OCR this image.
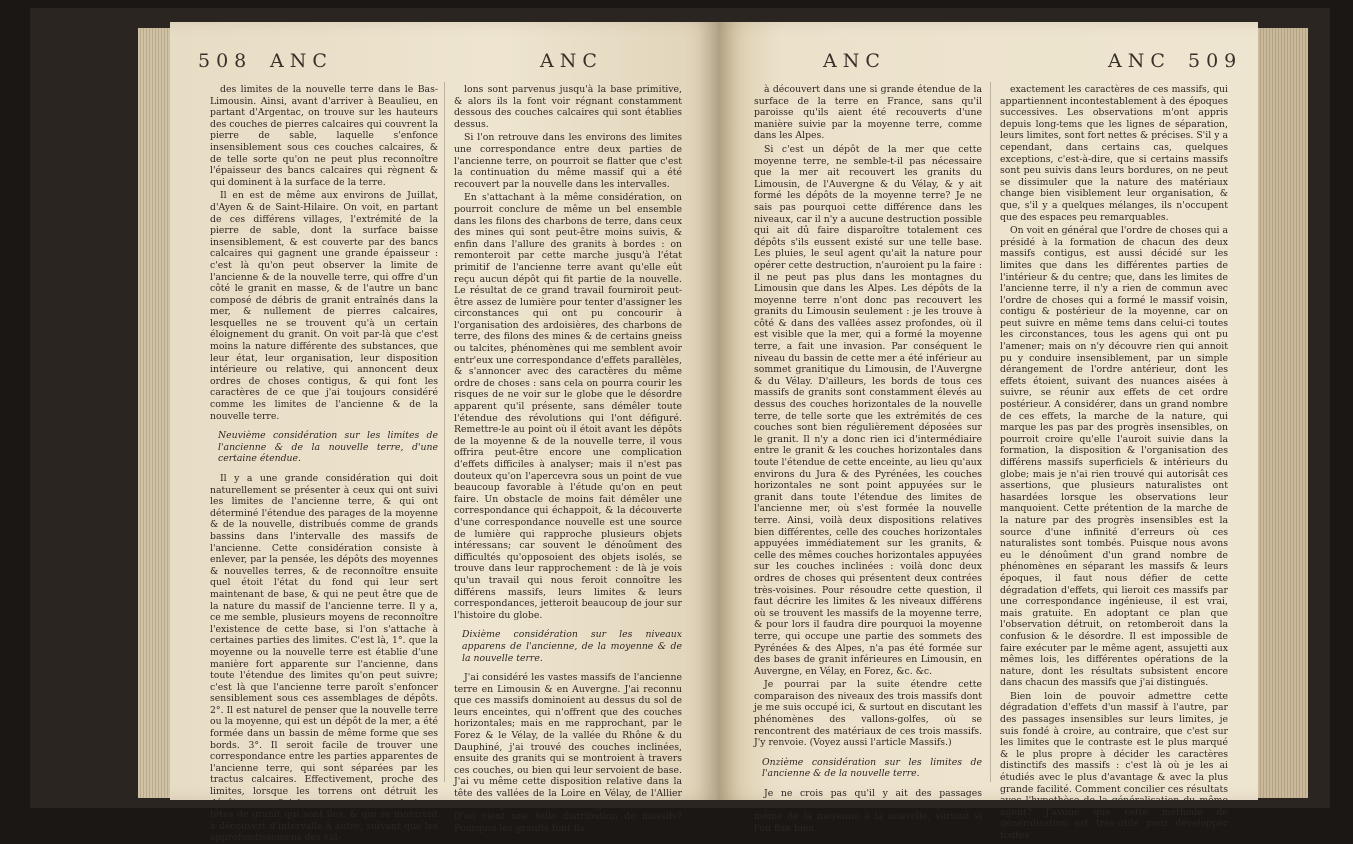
508 ANC	ANC

des limites de la nouvelle terre dans le Bas-Limousin. Ainsi, avant d'arriver à Beaulieu, en partant d'Argentac, on trouve sur les hauteurs des couches de pierres calcaires qui couvrent la pierre de sable, laquelle s'enfonce insensiblement sous ces couches calcaires, & de telle sorte qu'on ne peut plus reconnoître l'épaisseur des bancs calcaires qui règnent & qui dominent à la surface de la terre.

Il en est de même aux environs de Juillat, d'Ayen & de Saint-Hilaire. On voit, en partant de ces différens villages, l'extrémité de la pierre de sable, dont la surface baisse insensiblement, & est couverte par des bancs calcaires qui gagnent une grande épaisseur : c'est là qu'on peut observer la limite de l'ancienne & de la nouvelle terre, qui offre d'un côté le granit en masse, & de l'autre un banc composé de débris de granit entraînés dans la mer, & nullement de pierres calcaires, lesquelles ne se trouvent qu'à un certain éloignement du granit. On voit par-là que c'est moins la nature différente des substances, que leur état, leur organisation, leur disposition intérieure ou relative, qui annoncent deux ordres de choses contigus, & qui font les caractères de ce que j'ai toujours considéré comme les limites de l'ancienne & de la nouvelle terre.

Neuvième considération sur les limites de l'ancienne & de la nouvelle terre, d'une certaine étendue.

Il y a une grande considération qui doit naturellement se présenter à ceux qui ont suivi les limites de l'ancienne terre, & qui ont déterminé l'étendue des parages de la moyenne & de la nouvelle, distribués comme de grands bassins dans l'intervalle des massifs de l'ancienne. Cette considération consiste à enlever, par la pensée, les dépôts des moyennes & nouvelles terres, & de reconnoître ensuite quel étoit l'état du fond qui leur sert maintenant de base, & qui ne peut être que de la nature du massif de l'ancienne terre. Il y a, ce me semble, plusieurs moyens de reconnoître l'existence de cette base, si l'on s'attache à certaines parties des limites. C'est là, 1°. que la moyenne ou la nouvelle terre est établie d'une manière fort apparente sur l'ancienne, dans toute l'étendue des limites qu'on peut suivre; c'est là que l'ancienne terre paroît s'enfoncer sensiblement sous ces assemblages de dépôts. 2°. Il est naturel de penser que la nouvelle terre ou la moyenne, qui est un dépôt de la mer, a été formée dans un bassin de même forme que ses bords. 3°. Il seroit facile de trouver une correspondance entre les parties apparentes de l'ancienne terre, qui sont séparées par les tractus calcaires. Effectivement, proche des limites, lorsque les torrens ont détruit les dépôts superficiels, on rencontre plusieurs têtes de granit qui sont îles, & qui se montrent à découvert d'intervalle à autre, suivant que les approfondissemens des val-

lons sont parvenus jusqu'à la base primitive, & alors ils la font voir régnant constamment dessous des couches calcaires qui sont établies dessus.

Si l'on retrouve dans les environs des limites une correspondance entre deux parties de l'ancienne terre, on pourroit se flatter que c'est la continuation du même massif qui a été recouvert par la nouvelle dans les intervalles.

En s'attachant à la même considération, on pourroit conclure de même un bel ensemble dans les filons des charbons de terre, dans ceux des mines qui sont peut-être moins suivis, & enfin dans l'allure des granits à bordes : on remonteroit par cette marche jusqu'à l'état primitif de l'ancienne terre avant qu'elle eût reçu aucun dépôt qui fit partie de la nouvelle. Le résultat de ce grand travail fourniroit peut-être assez de lumière pour tenter d'assigner les circonstances qui ont pu concourir à l'organisation des ardoisières, des charbons de terre, des filons des mines & de certains gneiss ou talcites, phénomènes qui me semblent avoir entr'eux une correspondance d'effets parallèles, & s'annoncer avec des caractères du même ordre de choses : sans cela on pourra courir les risques de ne voir sur le globe que le désordre apparent qu'il présente, sans démêler toute l'étendue des révolutions qui l'ont défiguré. Remettre-le au point où il étoit avant les dépôts de la moyenne & de la nouvelle terre, il vous offrira peut-être encore une complication d'effets difficiles à analyser; mais il n'est pas douteux qu'on l'apercevra sous un point de vue beaucoup favorable à l'étude qu'on en peut faire. Un obstacle de moins fait démêler une correspondance qui échappoit, & la découverte d'une correspondance nouvelle est une source de lumière qui rapproche plusieurs objets intéressans; car souvent le dénoûment des difficultés qu'opposoient des objets isolés, se trouve dans leur rapprochement : de là je vois qu'un travail qui nous feroit connoître les différens massifs, leurs limites & leurs correspondances, jetteroit beaucoup de jour sur l'histoire du globe.

Dixième considération sur les niveaux apparens de l'ancienne, de la moyenne & de la nouvelle terre.

J'ai considéré les vastes massifs de l'ancienne terre en Limousin & en Auvergne. J'ai reconnu que ces massifs dominoient au dessus du sol de leurs enceintes, qui n'offrent que des couches horizontales; mais en me rapprochant, par le Forez & le Vélay, de la vallée du Rhône & du Dauphiné, j'ai trouvé des couches inclinées, ensuite des granits qui se montroient à travers ces couches, ou bien qui leur servoient de base. J'ai vu même cette disposition relative dans la tête des vallées de la Loire en Vélay, de l'Allier en Auvergne & de la Dordogne en Limousin. D'où vient une telle distribution de massifs? Pourquoi les granits font-ils

ANC	ANC 509

à découvert dans une si grande étendue de la surface de la terre en France, sans qu'il paroisse qu'ils aient été recouverts d'une manière suivie par la moyenne terre, comme dans les Alpes.

Si c'est un dépôt de la mer que cette moyenne terre, ne semble-t-il pas nécessaire que la mer ait recouvert les granits du Limousin, de l'Auvergne & du Vélay, & y ait formé les dépôts de la moyenne terre? Je ne sais pas pourquoi cette différence dans les niveaux, car il n'y a aucune destruction possible qui ait dû faire disparoître totalement ces dépôts s'ils eussent existé sur une telle base. Les pluies, le seul agent qu'ait la nature pour opérer cette destruction, n'auroient pu la faire : il ne peut pas plus dans les montagnes du Limousin que dans les Alpes. Les dépôts de la moyenne terre n'ont donc pas recouvert les granits du Limousin seulement : je les trouve à côté & dans des vallées assez profondes, où il est visible que la mer, qui a formé la moyenne terre, a fait une invasion. Par conséquent le niveau du bassin de cette mer a été inférieur au sommet granitique du Limousin, de l'Auvergne & du Vélay. D'ailleurs, les bords de tous ces massifs de granits sont constamment élevés au dessus des couches horizontales de la nouvelle terre, de telle sorte que les extrémités de ces couches sont bien régulièrement déposées sur le granit. Il n'y a donc rien ici d'intermédiaire entre le granit & les couches horizontales dans toute l'étendue de cette enceinte, au lieu qu'aux environs du Jura & des Pyrénées, les couches horizontales ne sont point appuyées sur le granit dans toute l'étendue des limites de l'ancienne mer, où s'est formée la nouvelle terre. Ainsi, voilà deux dispositions relatives bien différentes, celle des couches horizontales appuyées immédiatement sur les granits, & celle des mêmes couches horizontales appuyées sur les couches inclinées : voilà donc deux ordres de choses qui présentent deux contrées très-voisines. Pour résoudre cette question, il faut décrire les limites & les niveaux différens où se trouvent les massifs de la moyenne terre, & pour lors il faudra dire pourquoi la moyenne terre, qui occupe une partie des sommets des Pyrénées & des Alpes, n'a pas été formée sur des bases de granit inférieures en Limousin, en Auvergne, en Vélay, en Forez, &c. &c.

Je pourrai par la suite étendre cette comparaison des niveaux des trois massifs dont je me suis occupé ici, & surtout en discutant les phénomènes des vallons-golfes, où se rencontrent des matériaux de ces trois massifs. J'y renvoie. (Voyez aussi l'article Massifs.)

Onzième considération sur les limites de l'ancienne & de la nouvelle terre.

Je ne crois pas qu'il y ait des passages insensibles de l'ancienne terre à la moyenne, ou même de la moyenne à la nouvelle, surtout si l'on fixe bien

exactement les caractères de ces massifs, qui appartiennent incontestablement à des époques successives. Les observations m'ont appris depuis long-tems que les lignes de séparation, leurs limites, sont fort nettes & précises. S'il y a cependant, dans certains cas, quelques exceptions, c'est-à-dire, que si certains massifs sont peu suivis dans leurs bordures, on ne peut se dissimuler que la nature des matériaux change bien visiblement leur organisation, & que, s'il y a quelques mélanges, ils n'occupent que des espaces peu remarquables.

On voit en général que l'ordre de choses qui a présidé à la formation de chacun des deux massifs contigus, est aussi décidé sur les limites que dans les différentes parties de l'intérieur & du centre; que, dans les limites de l'ancienne terre, il n'y a rien de commun avec l'ordre de choses qui a formé le massif voisin, contigu & postérieur de la moyenne, car on peut suivre en même tems dans celui-ci toutes les circonstances, tous les agens qui ont pu l'amener; mais on n'y découvre rien qui annoit pu y conduire insensiblement, par un simple dérangement de l'ordre antérieur, dont les effets étoient, suivant des nuances aisées à suivre, se réunir aux effets de cet ordre postérieur. A considérer, dans un grand nombre de ces effets, la marche de la nature, qui marque les pas par des progrès insensibles, on pourroit croire qu'elle l'auroit suivie dans la formation, la disposition & l'organisation des différens massifs superficiels & intérieurs du globe; mais je n'ai rien trouvé qui autorisât ces assertions, que plusieurs naturalistes ont hasardées lorsque les observations leur manquoient. Cette prétention de la marche de la nature par des progrès insensibles est la source d'une infinité d'erreurs où ces naturalistes sont tombés. Puisque nous avons eu le dénoûment d'un grand nombre de phénomènes en séparant les massifs & leurs époques, il faut nous défier de cette dégradation d'effets, qui lieroit ces massifs par une correspondance ingénieuse, il est vrai, mais gratuite. En adoptant ce plan que l'observation détruit, on retomberoit dans la confusion & le désordre. Il est impossible de faire exécuter par le même agent, assujetti aux mêmes lois, les différentes opérations de la nature, dont les résultats subsistent encore dans chacun des massifs que j'ai distingués.

Bien loin de pouvoir admettre cette dégradation d'effets d'un massif à l'autre, par des passages insensibles sur leurs limites, je suis fondé à croire, au contraire, que c'est sur les limites que le contraste est le plus marqué & le plus propre à décider les caractères distinctifs des massifs : c'est là où je les ai étudiés avec le plus d'avantage & avec la plus grande facilité. Comment concilier ces résultats avec l'hypothèse de la généralisation du même agent? J'avoue que cette méthode de généralisation est très-utile pour développer toutes
